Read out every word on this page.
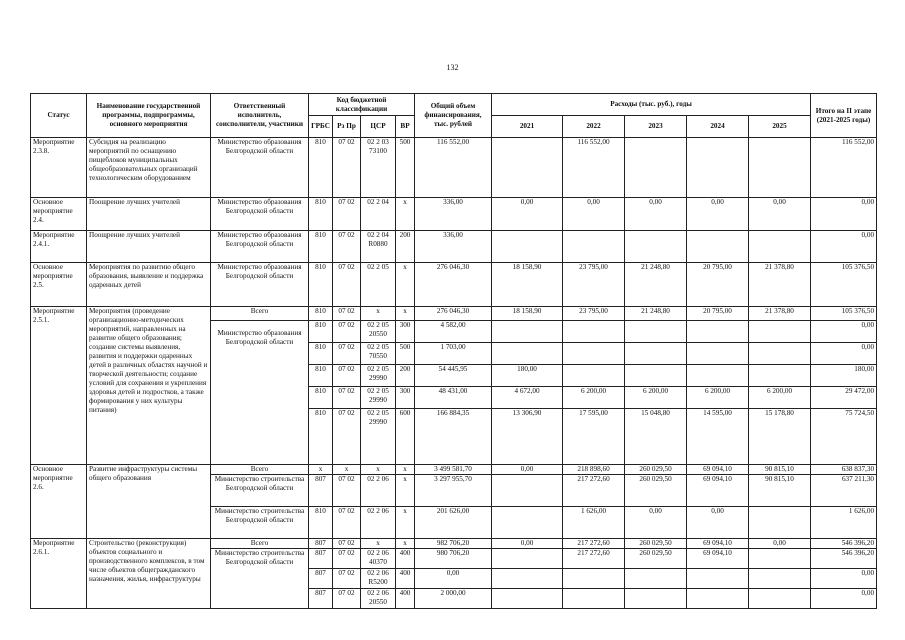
132
Статус	Наименование государственной программы, подпрограммы, основного мероприятия	Ответственный исполнитель, соисполнители, участники	Код бюджетной классификации				Общий объем финансирования, тыс. рублей	Расходы (тыс. руб.), годы					Итого на II этапе (2021-2025 годы)
			ГРБС	Рз Пр	ЦСР	ВР		2021	2022	2023	2024	2025	
Мероприятие 2.3.8.	Субсидия на реализацию мероприятий по оснащению пищеблоков муниципальных общеобразовательных организаций технологическим оборудованием	Министерство образования Белгородской области	810	07 02	02 2 03 73100	500	116 552,00		116 552,00				116 552,00
Основное мероприятие 2.4.	Поощрение лучших учителей	Министерство образования Белгородской области	810	07 02	02 2 04	х	336,00	0,00	0,00	0,00	0,00	0,00	0,00
Мероприятие 2.4.1.	Поощрение лучших учителей	Министерство образования Белгородской области	810	07 02	02 2 04 R0880	200	336,00						0,00
Основное мероприятие 2.5.	Мероприятия по развитию общего образования, выявление и поддержка одаренных детей	Министерство образования Белгородской области	810	07 02	02 2 05	х	276 046,30	18 158,90	23 795,00	21 248,80	20 795,00	21 378,80	105 376,50
Мероприятие 2.5.1.	Мероприятия (проведение организационно-методических мероприятий, направленных на развитие общего образования; создание системы выявления, развития и поддержки одаренных детей в различных областях научной и творческой деятельности; создание условий для сохранения и укрепления здоровья детей и подростков, а также формирования у них культуры питания)	Всего	810	07 02	х	х	276 046,30	18 158,90	23 795,00	21 248,80	20 795,00	21 378,80	105 376,50
		Министерство образования Белгородской области	810	07 02	02 2 05 20550	300	4 582,00						0,00
			810	07 02	02 2 05 70550	500	1 703,00						0,00
			810	07 02	02 2 05 29990	200	54 445,95	180,00					180,00
			810	07 02	02 2 05 29990	300	48 431,00	4 672,00	6 200,00	6 200,00	6 200,00	6 200,00	29 472,00
			810	07 02	02 2 05 29990	600	166 884,35	13 306,90	17 595,00	15 048,80	14 595,00	15 178,80	75 724,50
Основное мероприятие 2.6.	Развитие инфраструктуры системы общего образования	Всего	х	х	х	х	3 499 581,70	0,00	218 898,60	260 029,50	69 094,10	90 815,10	638 837,30
		Министерство строительства Белгородской области	807	07 02	02 2 06	х	3 297 955,70		217 272,60	260 029,50	69 094,10	90 815,10	637 211,30
		Министерство строительства Белгородской области	810	07 02	02 2 06	х	201 626,00		1 626,00	0,00	0,00		1 626,00
Мероприятие 2.6.1.	Строительство (реконструкция) объектов социального и производственного комплексов, в том числе объектов общегражданского назначения, жилья, инфраструктуры	Всего	807	07 02	х	х	982 706,20	0,00	217 272,60	260 029,50	69 094,10	0,00	546 396,20
		Министерство строительства Белгородской области	807	07 02	02 2 06 40370	400	980 706,20		217 272,60	260 029,50	69 094,10		546 396,20
			807	07 02	02 2 06 R5200	400	0,00						0,00
			807	07 02	02 2 06 20550	400	2 000,00						0,00
